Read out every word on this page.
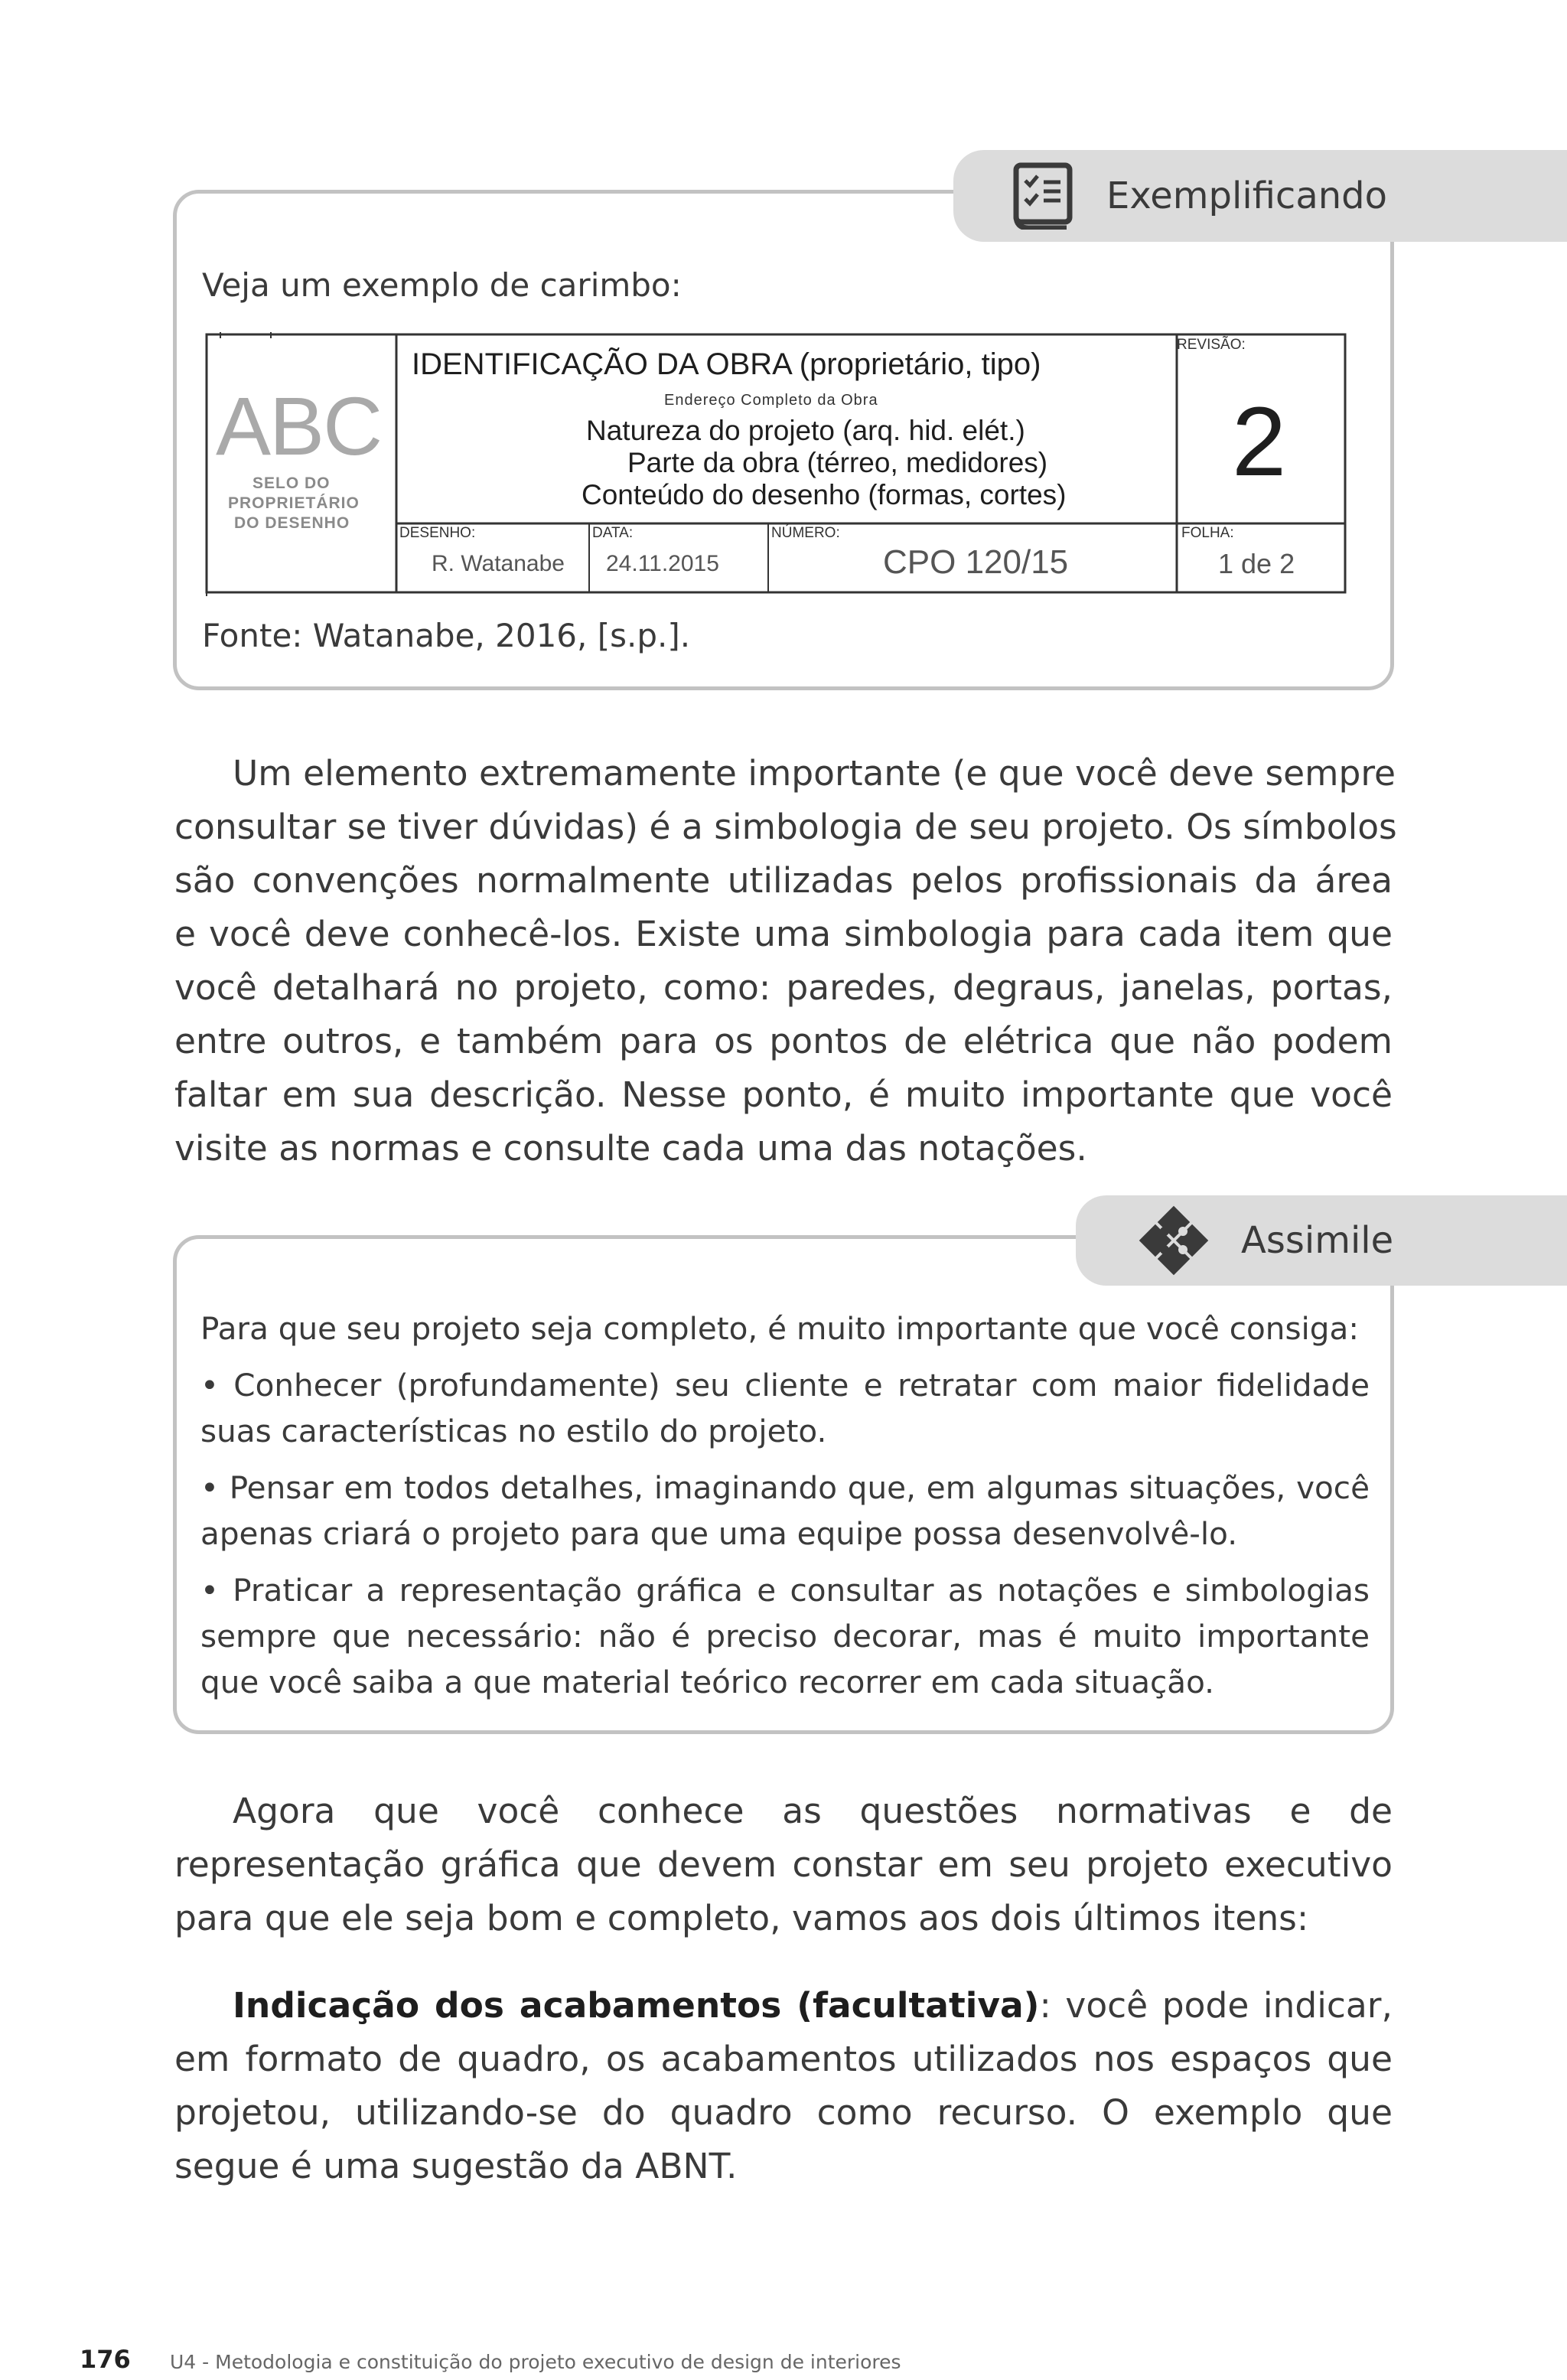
Exemplificando
Veja um exemplo de carimbo:
ABC
SELO DO
PROPRIETÁRIO
DO DESENHO
IDENTIFICAÇÃO DA OBRA (proprietário, tipo)
Endereço Completo da Obra
Natureza do projeto (arq. hid. elét.)
Parte da obra (térreo, medidores)
Conteúdo do desenho (formas, cortes)
REVISÃO:
2
DESENHO:
R. Watanabe
DATA:
24.11.2015
NÚMERO:
CPO 120/15
FOLHA:
1 de 2
Fonte: Watanabe, 2016, [s.p.].
Um elemento extremamente importante (e que você deve sempre
consultar se tiver dúvidas) é a simbologia de seu projeto. Os símbolos
são convenções normalmente utilizadas pelos profissionais da área
e você deve conhecê-los. Existe uma simbologia para cada item que
você detalhará no projeto, como: paredes, degraus, janelas, portas,
entre outros, e também para os pontos de elétrica que não podem
faltar em sua descrição. Nesse ponto, é muito importante que você
visite as normas e consulte cada uma das notações.
Assimile
Para que seu projeto seja completo, é muito importante que você consiga:
• Conhecer (profundamente) seu cliente e retratar com maior fidelidade
suas características no estilo do projeto.
• Pensar em todos detalhes, imaginando que, em algumas situações, você
apenas criará o projeto para que uma equipe possa desenvolvê-lo.
• Praticar a representação gráfica e consultar as notações e simbologias
sempre que necessário: não é preciso decorar, mas é muito importante
que você saiba a que material teórico recorrer em cada situação.
Agora que você conhece as questões normativas e de
representação gráfica que devem constar em seu projeto executivo
para que ele seja bom e completo, vamos aos dois últimos itens:
Indicação dos acabamentos (facultativa): você pode indicar,
em formato de quadro, os acabamentos utilizados nos espaços que
projetou, utilizando-se do quadro como recurso. O exemplo que
segue é uma sugestão da ABNT.
176 U4 - Metodologia e constituição do projeto executivo de design de interiores
